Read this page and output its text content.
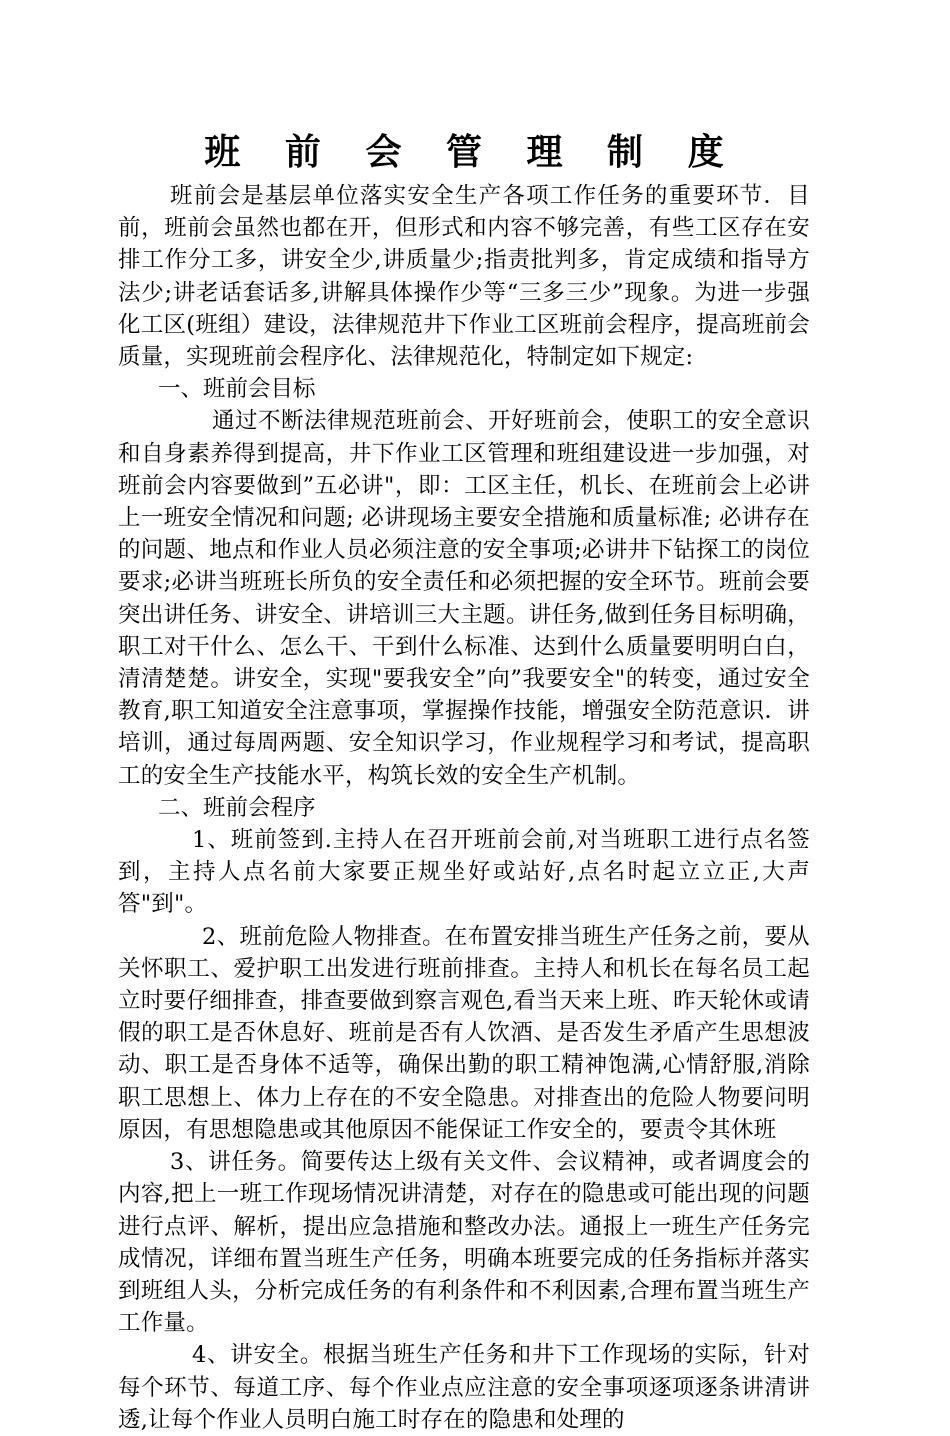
班 前 会 管 理 制 度

班前会是基层单位落实安全生产各项工作任务的重要环节．目前，班前会虽然也都在开，但形式和内容不够完善，有些工区存在安排工作分工多，讲安全少,讲质量少;指责批判多，肯定成绩和指导方法少;讲老话套话多,讲解具体操作少等“三多三少”现象。为进一步强化工区(班组）建设，法律规范井下作业工区班前会程序，提高班前会质量，实现班前会程序化、法律规范化，特制定如下规定:

一、班前会目标

通过不断法律规范班前会、开好班前会，使职工的安全意识和自身素养得到提高，井下作业工区管理和班组建设进一步加强，对班前会内容要做到”五必讲"，即：工区主任，机长、在班前会上必讲上一班安全情况和问题; 必讲现场主要安全措施和质量标准; 必讲存在的问题、地点和作业人员必须注意的安全事项;必讲井下钻探工的岗位要求;必讲当班班长所负的安全责任和必须把握的安全环节。班前会要突出讲任务、讲安全、讲培训三大主题。讲任务,做到任务目标明确，职工对干什么、怎么干、干到什么标准、达到什么质量要明明白白，清清楚楚。讲安全，实现"要我安全”向”我要安全"的转变，通过安全教育,职工知道安全注意事项，掌握操作技能，增强安全防范意识．讲培训，通过每周两题、安全知识学习，作业规程学习和考试，提高职工的安全生产技能水平，构筑长效的安全生产机制。

二、班前会程序

1、班前签到.主持人在召开班前会前,对当班职工进行点名签到，主持人点名前大家要正规坐好或站好,点名时起立立正,大声答"到"。

2、班前危险人物排查。在布置安排当班生产任务之前，要从关怀职工、爱护职工出发进行班前排查。主持人和机长在每名员工起立时要仔细排查，排查要做到察言观色,看当天来上班、昨天轮休或请假的职工是否休息好、班前是否有人饮酒、是否发生矛盾产生思想波动、职工是否身体不适等，确保出勤的职工精神饱满,心情舒服,消除职工思想上、体力上存在的不安全隐患。对排查出的危险人物要问明原因，有思想隐患或其他原因不能保证工作安全的，要责令其休班

3、讲任务。简要传达上级有关文件、会议精神，或者调度会的内容,把上一班工作现场情况讲清楚，对存在的隐患或可能出现的问题进行点评、解析，提出应急措施和整改办法。通报上一班生产任务完成情况，详细布置当班生产任务，明确本班要完成的任务指标并落实到班组人头，分析完成任务的有利条件和不利因素,合理布置当班生产工作量。

4、讲安全。根据当班生产任务和井下工作现场的实际，针对每个环节、每道工序、每个作业点应注意的安全事项逐项逐条讲清讲透,让每个作业人员明白施工时存在的隐患和处理的
